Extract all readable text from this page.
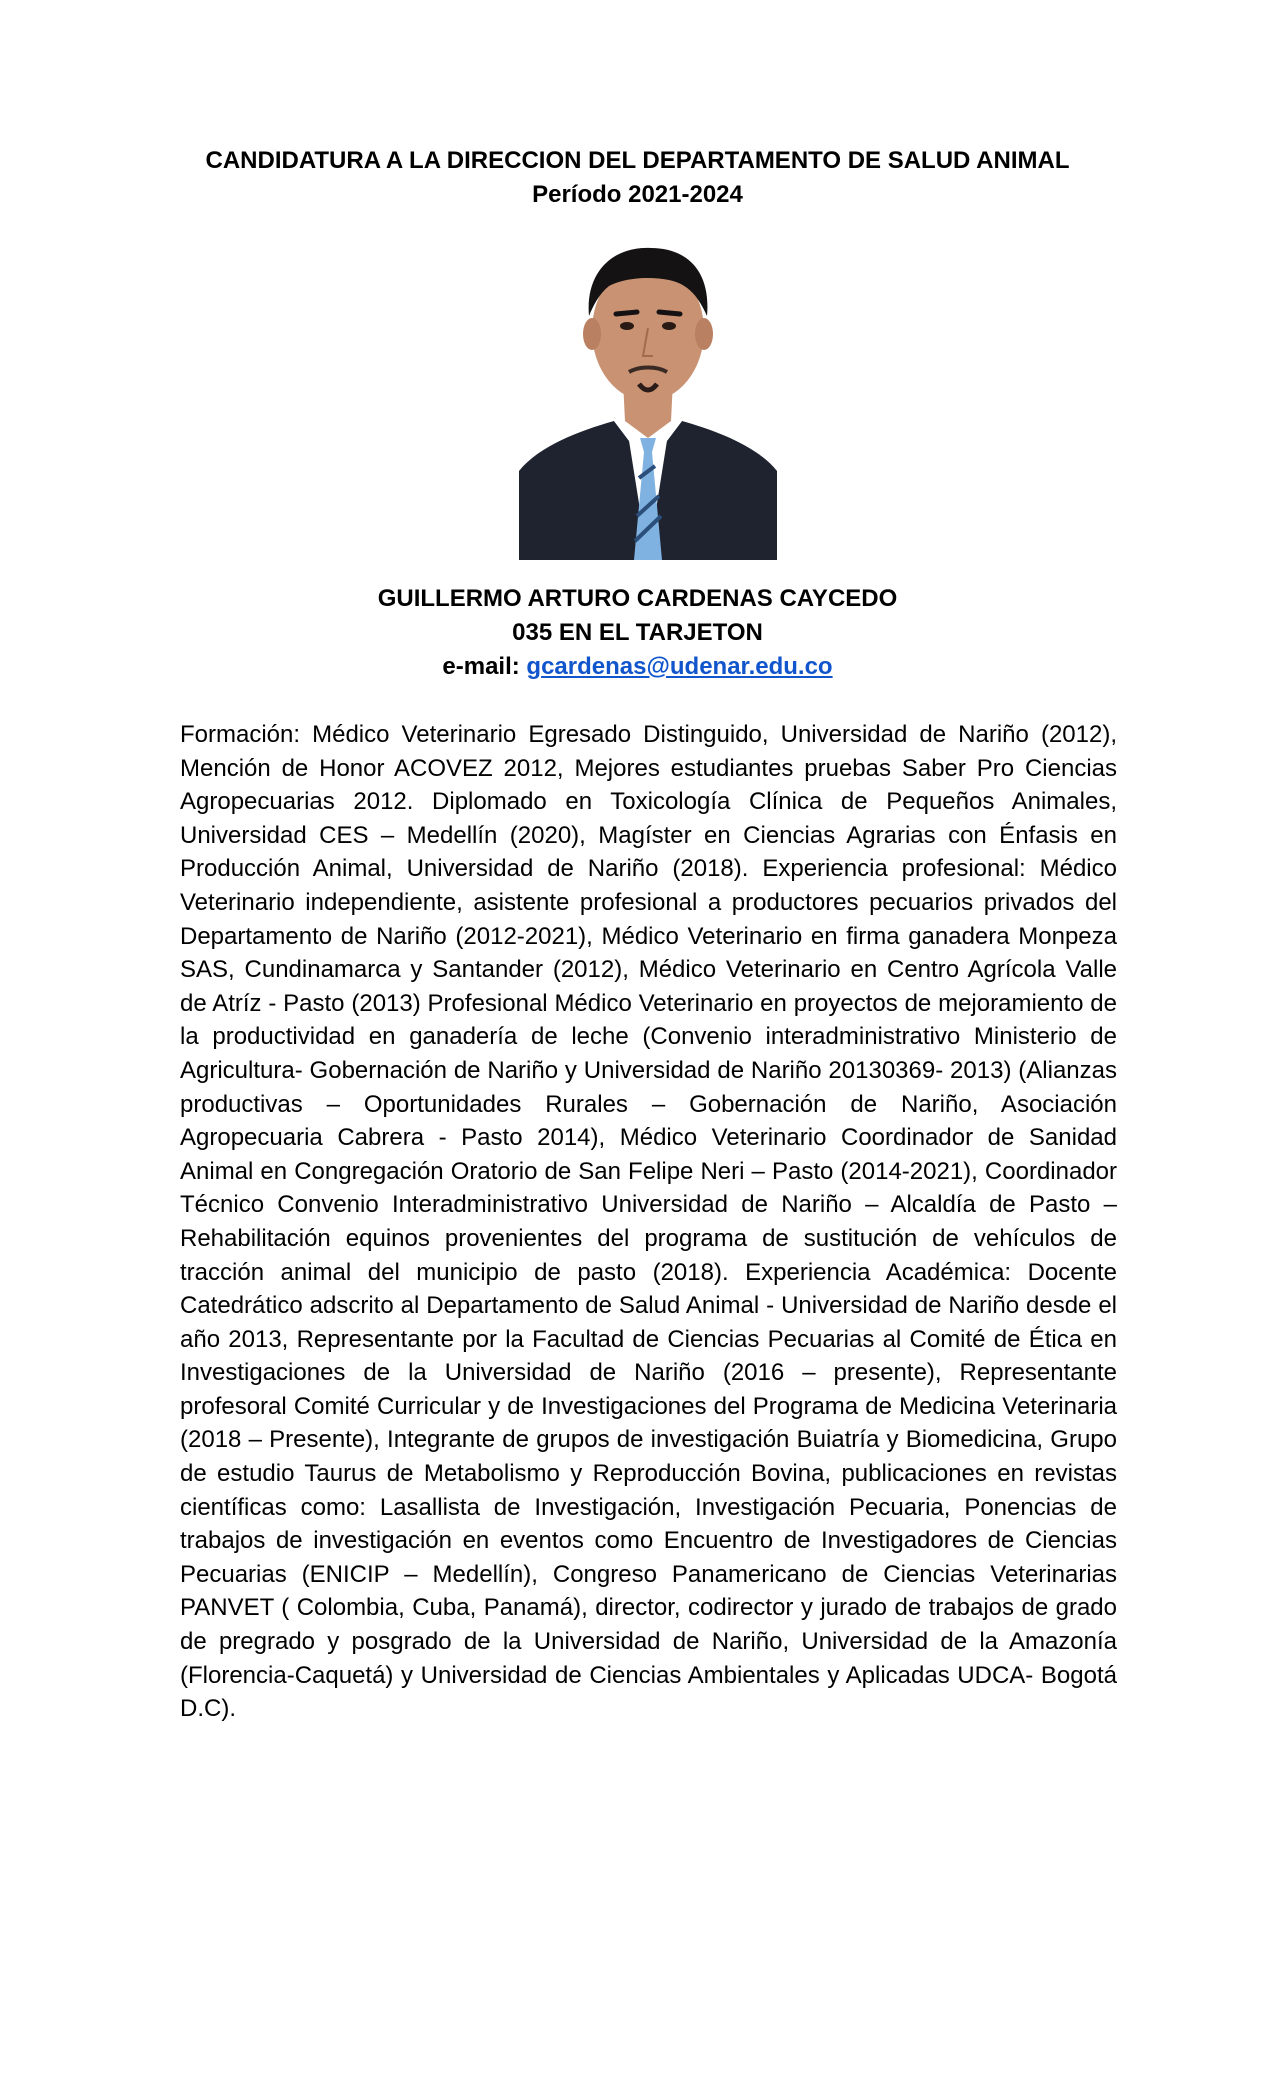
CANDIDATURA A LA DIRECCION DEL DEPARTAMENTO DE SALUD ANIMAL

Período 2021-2024

GUILLERMO ARTURO CARDENAS CAYCEDO

035 EN EL TARJETON

e-mail: gcardenas@udenar.edu.co

Formación: Médico Veterinario Egresado Distinguido, Universidad de Nariño (2012), Mención de Honor ACOVEZ 2012, Mejores estudiantes pruebas Saber Pro Ciencias Agropecuarias 2012. Diplomado en Toxicología Clínica de Pequeños Animales, Universidad CES – Medellín (2020), Magíster en Ciencias Agrarias con Énfasis en Producción Animal, Universidad de Nariño (2018). Experiencia profesional: Médico Veterinario independiente, asistente profesional a productores pecuarios privados del Departamento de Nariño (2012-2021), Médico Veterinario en firma ganadera Monpeza SAS, Cundinamarca y Santander (2012), Médico Veterinario en Centro Agrícola Valle de Atríz - Pasto (2013) Profesional Médico Veterinario en proyectos de mejoramiento de la productividad en ganadería de leche (Convenio interadministrativo Ministerio de Agricultura- Gobernación de Nariño y Universidad de Nariño 20130369- 2013) (Alianzas productivas – Oportunidades Rurales – Gobernación de Nariño, Asociación Agropecuaria Cabrera - Pasto 2014), Médico Veterinario Coordinador de Sanidad Animal en Congregación Oratorio de San Felipe Neri – Pasto (2014-2021), Coordinador Técnico Convenio Interadministrativo Universidad de Nariño – Alcaldía de Pasto – Rehabilitación equinos provenientes del programa de sustitución de vehículos de tracción animal del municipio de pasto (2018). Experiencia Académica: Docente Catedrático adscrito al Departamento de Salud Animal - Universidad de Nariño desde el año 2013, Representante por la Facultad de Ciencias Pecuarias al Comité de Ética en Investigaciones de la Universidad de Nariño (2016 – presente), Representante profesoral Comité Curricular y de Investigaciones del Programa de Medicina Veterinaria (2018 – Presente), Integrante de grupos de investigación Buiatría y Biomedicina, Grupo de estudio Taurus de Metabolismo y Reproducción Bovina, publicaciones en revistas científicas como: Lasallista de Investigación, Investigación Pecuaria, Ponencias de trabajos de investigación en eventos como Encuentro de Investigadores de Ciencias Pecuarias (ENICIP – Medellín), Congreso Panamericano de Ciencias Veterinarias PANVET ( Colombia, Cuba, Panamá), director, codirector y jurado de trabajos de grado de pregrado y posgrado de la Universidad de Nariño, Universidad de la Amazonía (Florencia-Caquetá) y Universidad de Ciencias Ambientales y Aplicadas UDCA- Bogotá D.C).
